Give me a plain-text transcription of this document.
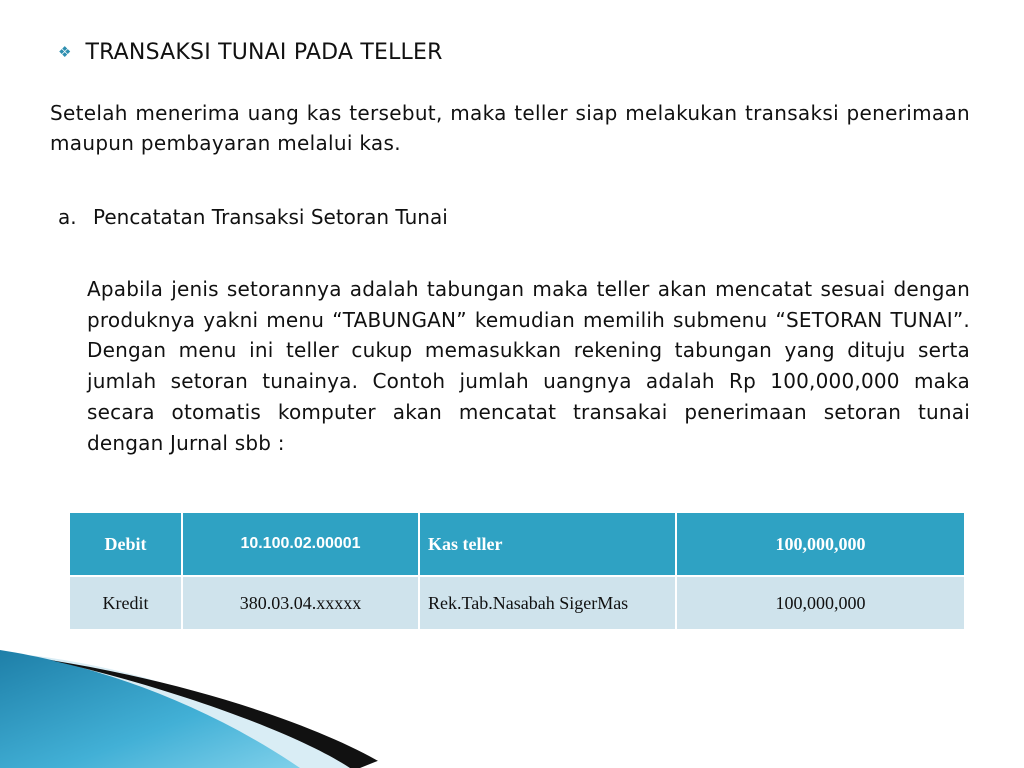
❖ TRANSAKSI TUNAI PADA TELLER
Setelah menerima uang kas tersebut, maka teller siap melakukan transaksi penerimaan maupun pembayaran melalui kas.
a. Pencatatan Transaksi Setoran Tunai
Apabila jenis setorannya adalah tabungan maka teller akan mencatat sesuai dengan produknya yakni menu “TABUNGAN” kemudian memilih submenu “SETORAN TUNAI”. Dengan menu ini teller cukup memasukkan rekening tabungan yang dituju serta jumlah setoran tunainya. Contoh jumlah uangnya adalah Rp 100,000,000 maka secara otomatis komputer akan mencatat transakai penerimaan setoran tunai dengan Jurnal sbb :
Debit	10.100.02.00001	Kas teller	100,000,000
Kredit	380.03.04.xxxxx	Rek.Tab.Nasabah SigerMas	100,000,000
